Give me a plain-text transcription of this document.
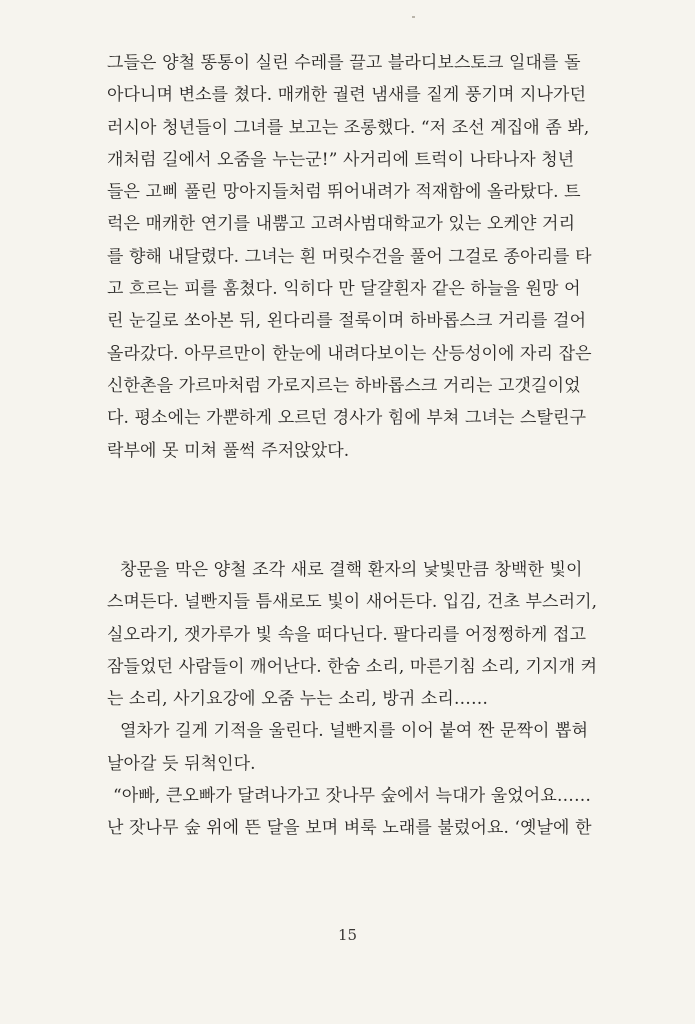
그들은 양철 똥통이 실린 수레를 끌고 블라디보스토크 일대를 돌
아다니며 변소를 쳤다. 매캐한 궐련 냄새를 짙게 풍기며 지나가던
러시아 청년들이 그녀를 보고는 조롱했다. “저 조선 계집애 좀 봐,
개처럼 길에서 오줌을 누는군!” 사거리에 트럭이 나타나자 청년
들은 고삐 풀린 망아지들처럼 뛰어내려가 적재함에 올라탔다. 트
럭은 매캐한 연기를 내뿜고 고려사범대학교가 있는 오케얀 거리
를 향해 내달렸다. 그녀는 흰 머릿수건을 풀어 그걸로 종아리를 타
고 흐르는 피를 훔쳤다. 익히다 만 달걀흰자 같은 하늘을 원망 어
린 눈길로 쏘아본 뒤, 왼다리를 절룩이며 하바롭스크 거리를 걸어
올라갔다. 아무르만이 한눈에 내려다보이는 산등성이에 자리 잡은
신한촌을 가르마처럼 가로지르는 하바롭스크 거리는 고갯길이었
다. 평소에는 가뿐하게 오르던 경사가 힘에 부쳐 그녀는 스탈린구
락부에 못 미쳐 풀썩 주저앉았다.
창문을 막은 양철 조각 새로 결핵 환자의 낯빛만큼 창백한 빛이
스며든다. 널빤지들 틈새로도 빛이 새어든다. 입김, 건초 부스러기,
실오라기, 잿가루가 빛 속을 떠다닌다. 팔다리를 어정쩡하게 접고
잠들었던 사람들이 깨어난다. 한숨 소리, 마른기침 소리, 기지개 켜
는 소리, 사기요강에 오줌 누는 소리, 방귀 소리……
열차가 길게 기적을 울린다. 널빤지를 이어 붙여 짠 문짝이 뽑혀
날아갈 듯 뒤척인다.
“아빠, 큰오빠가 달려나가고 잣나무 숲에서 늑대가 울었어요……
난 잣나무 숲 위에 뜬 달을 보며 벼룩 노래를 불렀어요. ‘옛날에 한
15
